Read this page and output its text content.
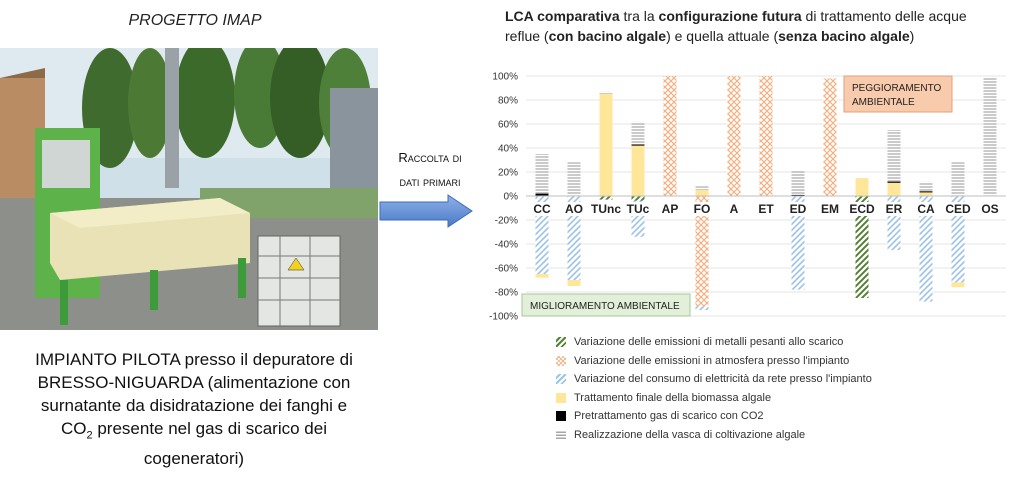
PROGETTO IMAP
IMPIANTO PILOTA presso il depuratore di
BRESSO-NIGUARDA (alimentazione con
surnatante da disidratazione dei fanghi e
$CO_2$ presente nel gas di scarico dei
cogeneratori)
Raccolta di
dati primari
LCA comparativa tra la configurazione futura di trattamento delle acque
reflue (con bacino algale) e quella attuale (senza bacino algale)
100%
80%
60%
40%
20%
0%
-20%
-40%
-60%
-80%
-100%
CC AO TUnc TUc AP FO A ET ED EM ECD ER CA CED OS
PEGGIORAMENTO
AMBIENTALE
MIGLIORAMENTO AMBIENTALE
Variazione delle emissioni di metalli pesanti allo scarico
Variazione delle emissioni in atmosfera presso l'impianto
Variazione del consumo di elettricità da rete presso l'impianto
Trattamento finale della biomassa algale
Pretrattamento gas di scarico con CO2
Realizzazione della vasca di coltivazione algale
